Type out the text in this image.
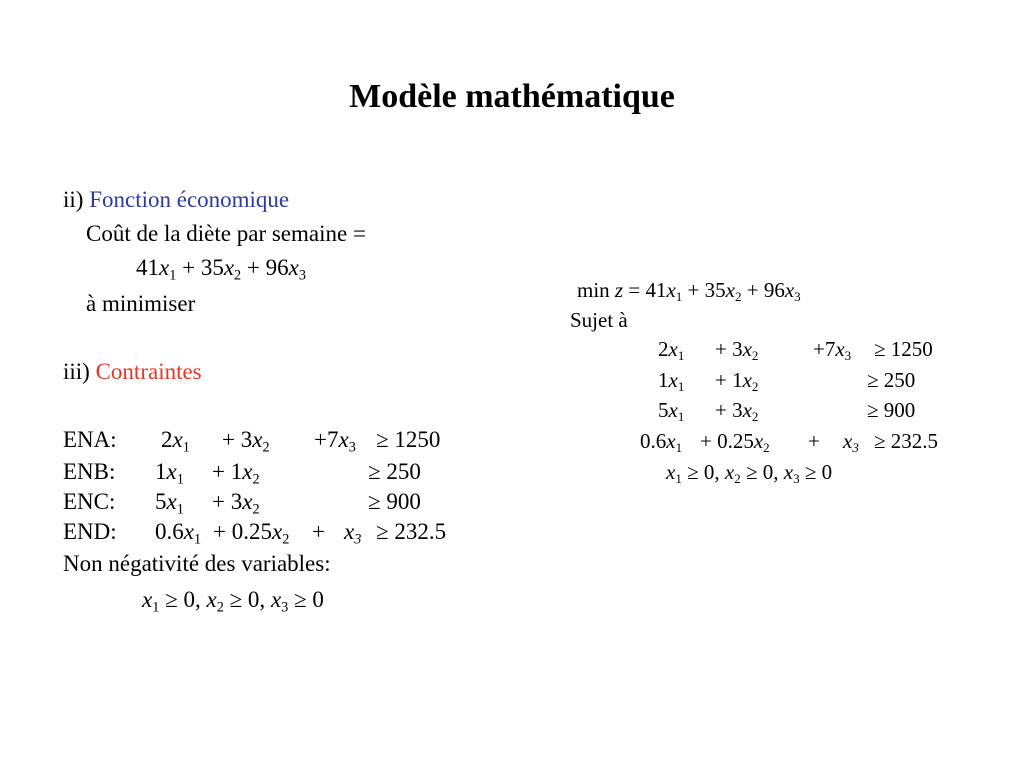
Modèle mathématique
ii) Fonction économique
Coût de la diète par semaine =
$41x_1 + 35x_2 + 96x_3$
à minimiser
iii) Contraintes
ENA: $2x_1 + 3x_2 +7x_3 \ge 1250$
ENB: $1x_1 + 1x_2$	≥ 250
ENC: $5x_1 + 3x_2$	≥ 900
END: $0.6x_1 + 0.25x_2 + x_3 \ge 232.5$
Non négativité des variables:
$x_1 \ge 0$, $x_2 \ge 0$, $x_3 \ge 0$
$\min z = 41x_1 + 35x_2 + 96x_3$
Sujet à
$2x_1 + 3x_2$	$+7x_3 \ge 1250$
$1x_1 + 1x_2$	≥ 250
$5x_1 + 3x_2$	≥ 900
$0.6x_1 + 0.25x_2 + x_3 \ge 232.5$
$x_1 \ge 0$, $x_2 \ge 0$, $x_3 \ge 0$
